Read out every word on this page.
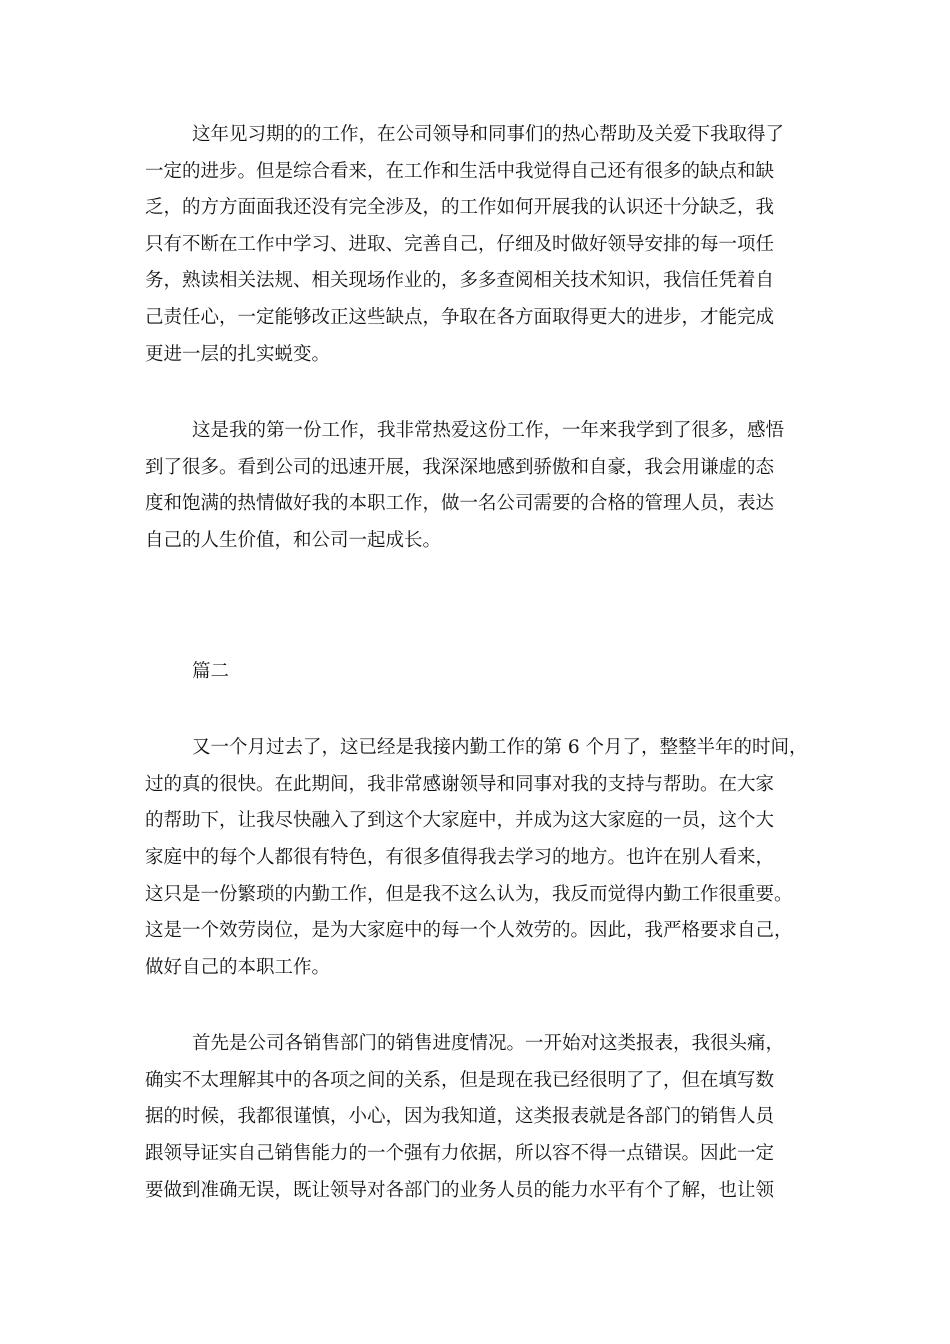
这年见习期的的工作，在公司领导和同事们的热心帮助及关爱下我取得了
一定的进步。但是综合看来，在工作和生活中我觉得自己还有很多的缺点和缺
乏，的方方面面我还没有完全涉及，的工作如何开展我的认识还十分缺乏，我
只有不断在工作中学习、进取、完善自己，仔细及时做好领导安排的每一项任
务，熟读相关法规、相关现场作业的，多多查阅相关技术知识，我信任凭着自
己责任心，一定能够改正这些缺点，争取在各方面取得更大的进步，才能完成
更进一层的扎实蜕变。

这是我的第一份工作，我非常热爱这份工作，一年来我学到了很多，感悟
到了很多。看到公司的迅速开展，我深深地感到骄傲和自豪，我会用谦虚的态
度和饱满的热情做好我的本职工作，做一名公司需要的合格的管理人员，表达
自己的人生价值，和公司一起成长。

篇二

又一个月过去了，这已经是我接内勤工作的第 6 个月了，整整半年的时间，
过的真的很快。在此期间，我非常感谢领导和同事对我的支持与帮助。在大家
的帮助下，让我尽快融入了到这个大家庭中，并成为这大家庭的一员，这个大
家庭中的每个人都很有特色，有很多值得我去学习的地方。也许在别人看来，
这只是一份繁琐的内勤工作，但是我不这么认为，我反而觉得内勤工作很重要。
这是一个效劳岗位，是为大家庭中的每一个人效劳的。因此，我严格要求自己，
做好自己的本职工作。

首先是公司各销售部门的销售进度情况。一开始对这类报表，我很头痛，
确实不太理解其中的各项之间的关系，但是现在我已经很明了了，但在填写数
据的时候，我都很谨慎，小心，因为我知道，这类报表就是各部门的销售人员
跟领导证实自己销售能力的一个强有力依据，所以容不得一点错误。因此一定
要做到准确无误，既让领导对各部门的业务人员的能力水平有个了解，也让领
